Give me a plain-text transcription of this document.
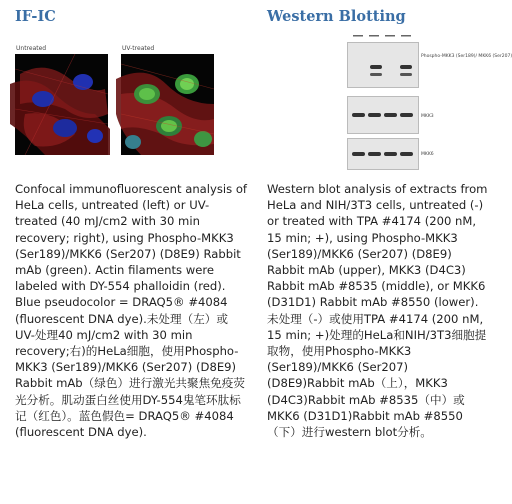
IF-IC
Untreated	UV-treated
Confocal immunofluorescent analysis of HeLa cells, untreated (left) or UV-treated (40 mJ/cm2 with 30 min recovery; right), using Phospho-MKK3 (Ser189)/MKK6 (Ser207) (D8E9) Rabbit mAb (green). Actin filaments were labeled with DY-554 phalloidin (red). Blue pseudocolor = DRAQ5® #4084 (fluorescent DNA dye).未处理（左）或UV-处理40 mJ/cm2 with 30 min recovery;右)的HeLa细胞，使用Phospho-MKK3 (Ser189)/MKK6 (Ser207) (D8E9) Rabbit mAb（绿色）进行激光共聚焦免疫荧光分析。肌动蛋白丝使用DY-554鬼笔环肽标记（红色）。蓝色假色= DRAQ5® #4084 (fluorescent DNA dye).
Western Blotting
Phospho-MKK3 (Ser189)/ MKK6 (Ser207)
MKK3
MKK6
Western blot analysis of extracts from HeLa and NIH/3T3 cells, untreated (-) or treated with TPA #4174 (200 nM, 15 min; +), using Phospho-MKK3 (Ser189)/MKK6 (Ser207) (D8E9) Rabbit mAb (upper), MKK3 (D4C3) Rabbit mAb #8535 (middle), or MKK6 (D31D1) Rabbit mAb #8550 (lower).未处理（-）或使用TPA #4174 (200 nM, 15 min; +)处理的HeLa和NIH/3T3细胞提取物，使用Phospho-MKK3 (Ser189)/MKK6 (Ser207) (D8E9)Rabbit mAb（上），MKK3 (D4C3)Rabbit mAb #8535（中）或MKK6 (D31D1)Rabbit mAb #8550（下）进行western blot分析。
